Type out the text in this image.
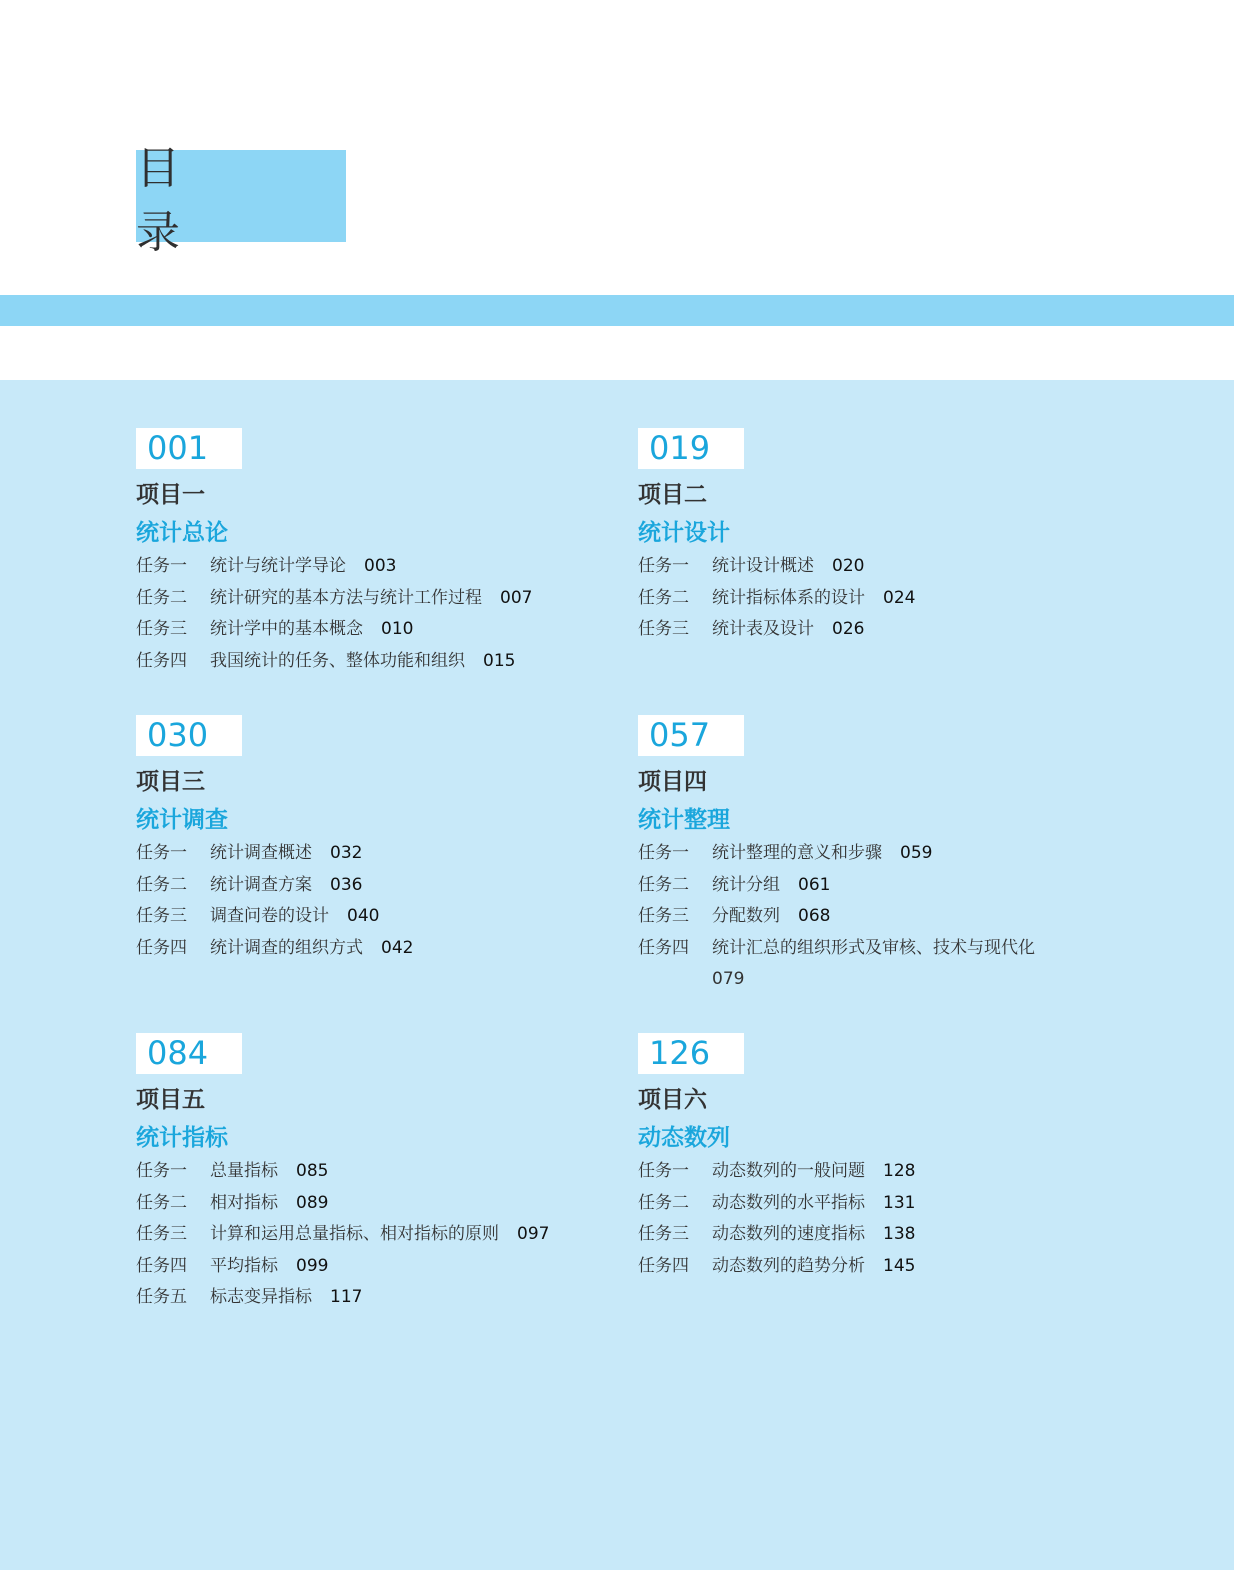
目　录
001
项目一
统计总论
任务一	统计与统计学导论 003
任务二	统计研究的基本方法与统计工作过程 007
任务三	统计学中的基本概念 010
任务四	我国统计的任务、整体功能和组织 015
019
项目二
统计设计
任务一	统计设计概述 020
任务二	统计指标体系的设计 024
任务三	统计表及设计 026
030
项目三
统计调查
任务一	统计调查概述 032
任务二	统计调查方案 036
任务三	调查问卷的设计 040
任务四	统计调查的组织方式 042
057
项目四
统计整理
任务一	统计整理的意义和步骤 059
任务二	统计分组 061
任务三	分配数列 068
任务四	统计汇总的组织形式及审核、技术与现代化
079
084
项目五
统计指标
任务一	总量指标 085
任务二	相对指标 089
任务三	计算和运用总量指标、相对指标的原则 097
任务四	平均指标 099
任务五	标志变异指标 117
126
项目六
动态数列
任务一	动态数列的一般问题 128
任务二	动态数列的水平指标 131
任务三	动态数列的速度指标 138
任务四	动态数列的趋势分析 145
